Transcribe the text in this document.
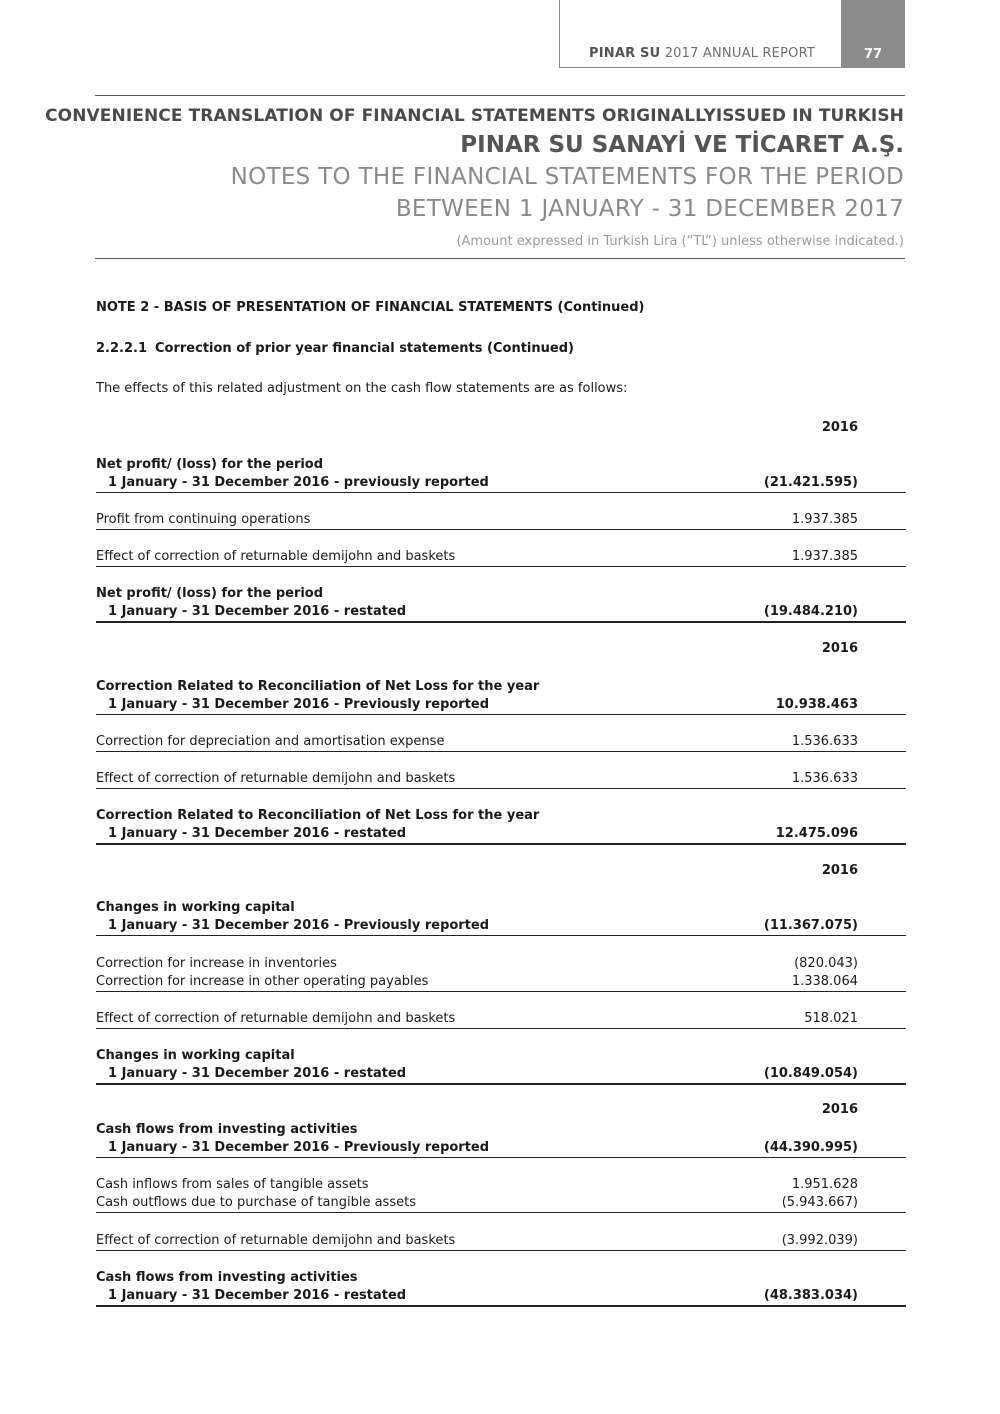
PINAR SU 2017 ANNUAL REPORT	77
CONVENIENCE TRANSLATION OF FINANCIAL STATEMENTS ORIGINALLYISSUED IN TURKISH
PINAR SU SANAYİ VE TİCARET A.Ş.
NOTES TO THE FINANCIAL STATEMENTS FOR THE PERIOD
BETWEEN 1 JANUARY - 31 DECEMBER 2017
(Amount expressed in Turkish Lira (“TL”) unless otherwise indicated.)
NOTE 2 - BASIS OF PRESENTATION OF FINANCIAL STATEMENTS (Continued)
2.2.2.1 Correction of prior year financial statements (Continued)
The effects of this related adjustment on the cash flow statements are as follows:
2016
Net profit/ (loss) for the period
1 January - 31 December 2016 - previously reported	(21.421.595)
Profit from continuing operations	1.937.385
Effect of correction of returnable demijohn and baskets	1.937.385
Net profit/ (loss) for the period
1 January - 31 December 2016 - restated	(19.484.210)
2016
Correction Related to Reconciliation of Net Loss for the year
1 January - 31 December 2016 - Previously reported	10.938.463
Correction for depreciation and amortisation expense	1.536.633
Effect of correction of returnable demijohn and baskets	1.536.633
Correction Related to Reconciliation of Net Loss for the year
1 January - 31 December 2016 - restated	12.475.096
2016
Changes in working capital
1 January - 31 December 2016 - Previously reported	(11.367.075)
Correction for increase in inventories	(820.043)
Correction for increase in other operating payables	1.338.064
Effect of correction of returnable demijohn and baskets	518.021
Changes in working capital
1 January - 31 December 2016 - restated	(10.849.054)
2016
Cash flows from investing activities
1 January - 31 December 2016 - Previously reported	(44.390.995)
Cash inflows from sales of tangible assets	1.951.628
Cash outflows due to purchase of tangible assets	(5.943.667)
Effect of correction of returnable demijohn and baskets	(3.992.039)
Cash flows from investing activities
1 January - 31 December 2016 - restated	(48.383.034)
